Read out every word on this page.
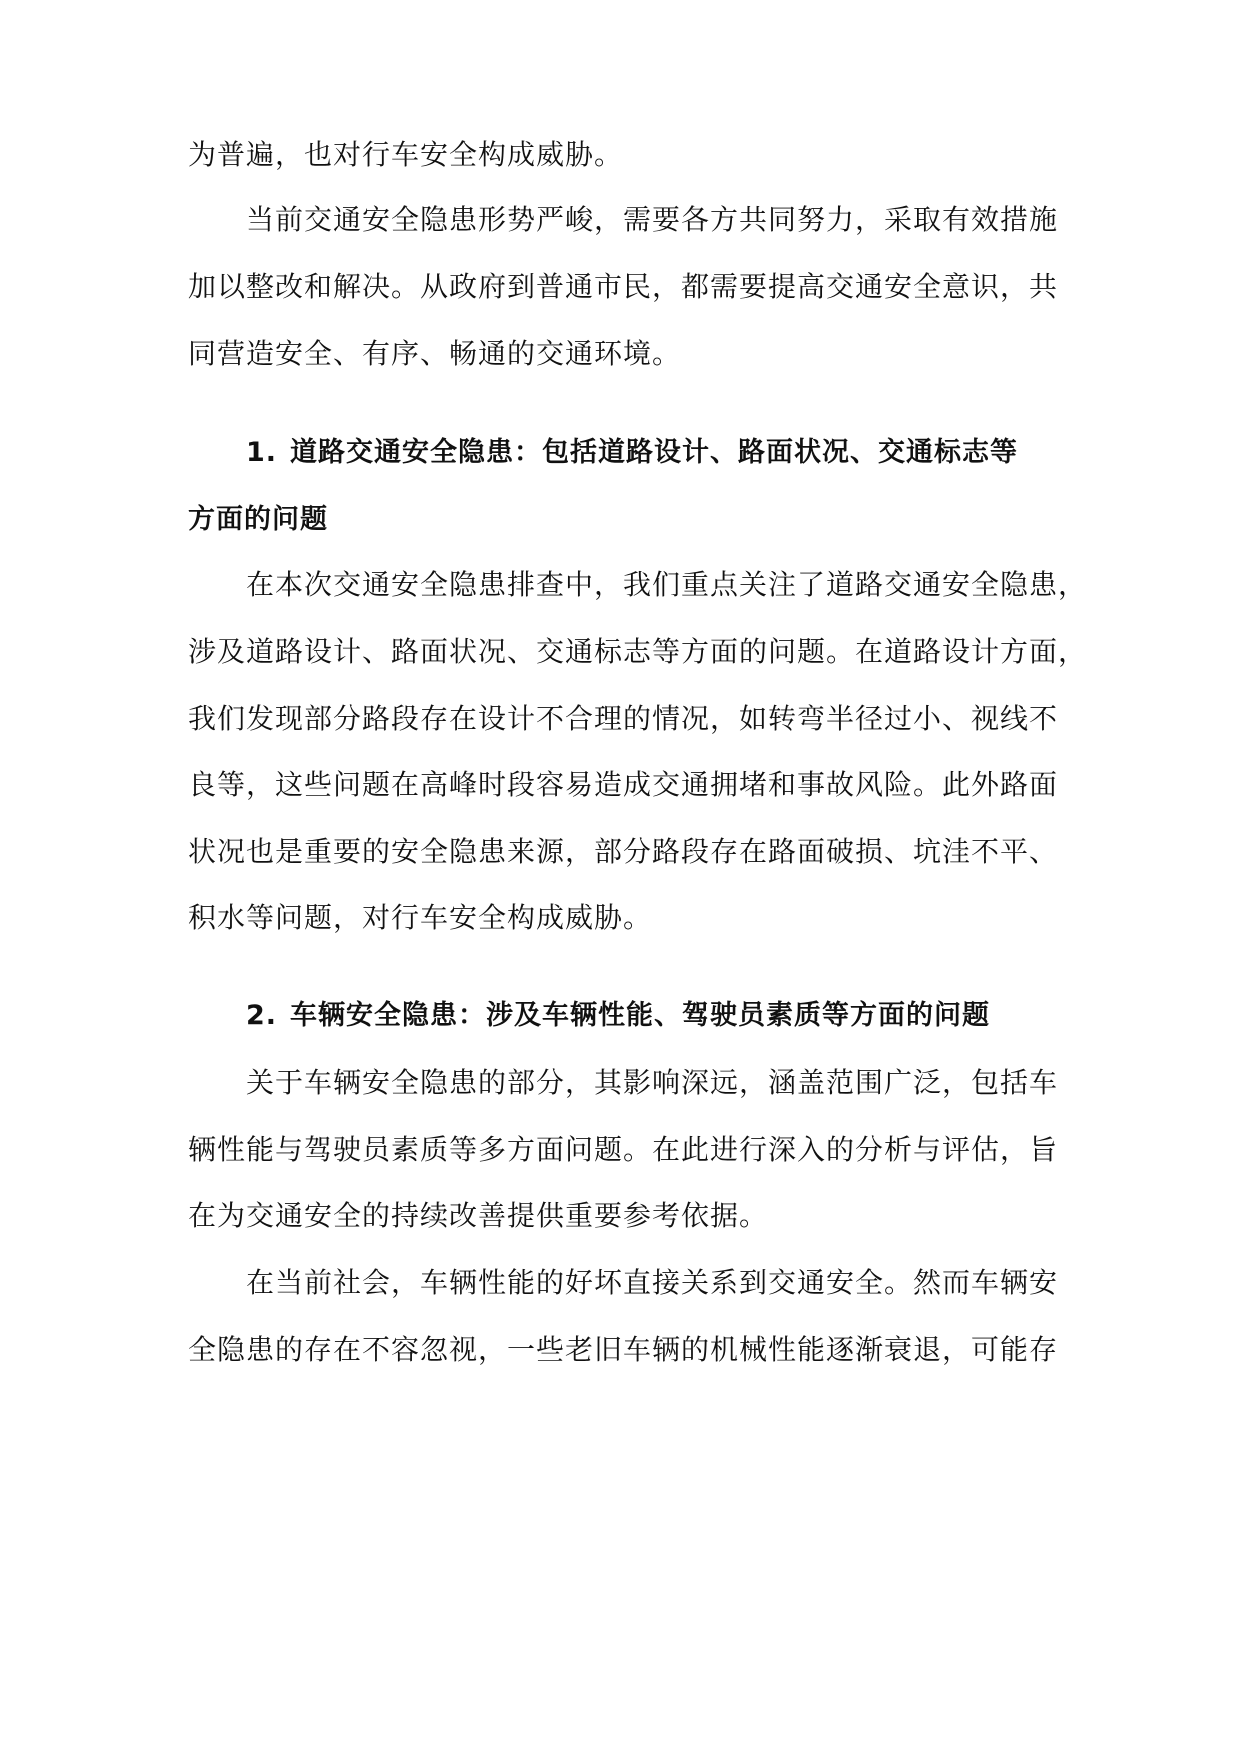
为普遍，也对行车安全构成威胁。
当前交通安全隐患形势严峻，需要各方共同努力，采取有效措施
加以整改和解决。从政府到普通市民，都需要提高交通安全意识，共
同营造安全、有序、畅通的交通环境。
1. 道路交通安全隐患：包括道路设计、路面状况、交通标志等
方面的问题
在本次交通安全隐患排查中，我们重点关注了道路交通安全隐患，
涉及道路设计、路面状况、交通标志等方面的问题。在道路设计方面，
我们发现部分路段存在设计不合理的情况，如转弯半径过小、视线不
良等，这些问题在高峰时段容易造成交通拥堵和事故风险。此外路面
状况也是重要的安全隐患来源，部分路段存在路面破损、坑洼不平、
积水等问题，对行车安全构成威胁。
2. 车辆安全隐患：涉及车辆性能、驾驶员素质等方面的问题
关于车辆安全隐患的部分，其影响深远，涵盖范围广泛，包括车
辆性能与驾驶员素质等多方面问题。在此进行深入的分析与评估，旨
在为交通安全的持续改善提供重要参考依据。
在当前社会，车辆性能的好坏直接关系到交通安全。然而车辆安
全隐患的存在不容忽视，一些老旧车辆的机械性能逐渐衰退，可能存
